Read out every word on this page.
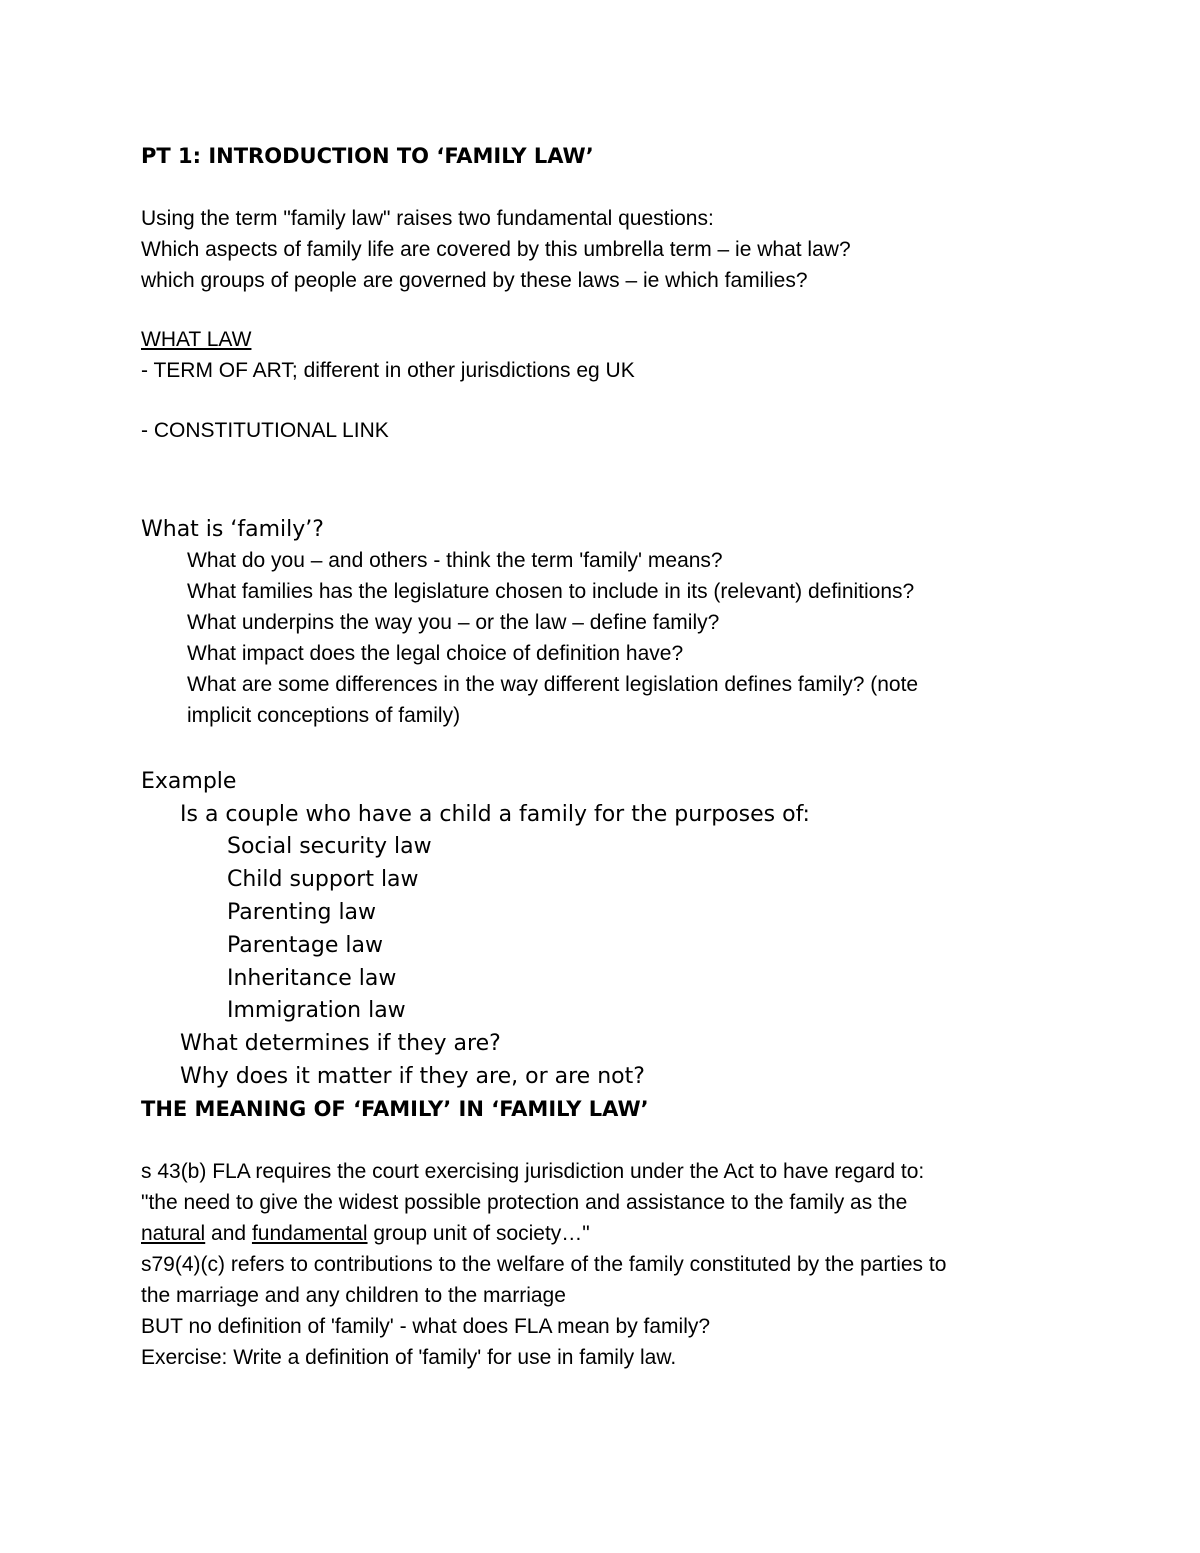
PT 1: INTRODUCTION TO ‘FAMILY LAW’
Using the term "family law" raises two fundamental questions:
Which aspects of family life are covered by this umbrella term – ie what law?
which groups of people are governed by these laws – ie which families?
WHAT LAW
- TERM OF ART; different in other jurisdictions eg UK
- CONSTITUTIONAL LINK
What is ‘family’?
What do you – and others - think the term 'family' means?
What families has the legislature chosen to include in its (relevant) definitions?
What underpins the way you – or the law – define family?
What impact does the legal choice of definition have?
What are some differences in the way different legislation defines family? (note
implicit conceptions of family)
Example
Is a couple who have a child a family for the purposes of:
Social security law
Child support law
Parenting law
Parentage law
Inheritance law
Immigration law
What determines if they are?
Why does it matter if they are, or are not?
THE MEANING OF ‘FAMILY’ IN ‘FAMILY LAW’
s 43(b) FLA requires the court exercising jurisdiction under the Act to have regard to:
"the need to give the widest possible protection and assistance to the family as the
natural and fundamental group unit of society…"
s79(4)(c) refers to contributions to the welfare of the family constituted by the parties to
the marriage and any children to the marriage
BUT no definition of 'family' - what does FLA mean by family?
Exercise: Write a definition of 'family' for use in family law.
